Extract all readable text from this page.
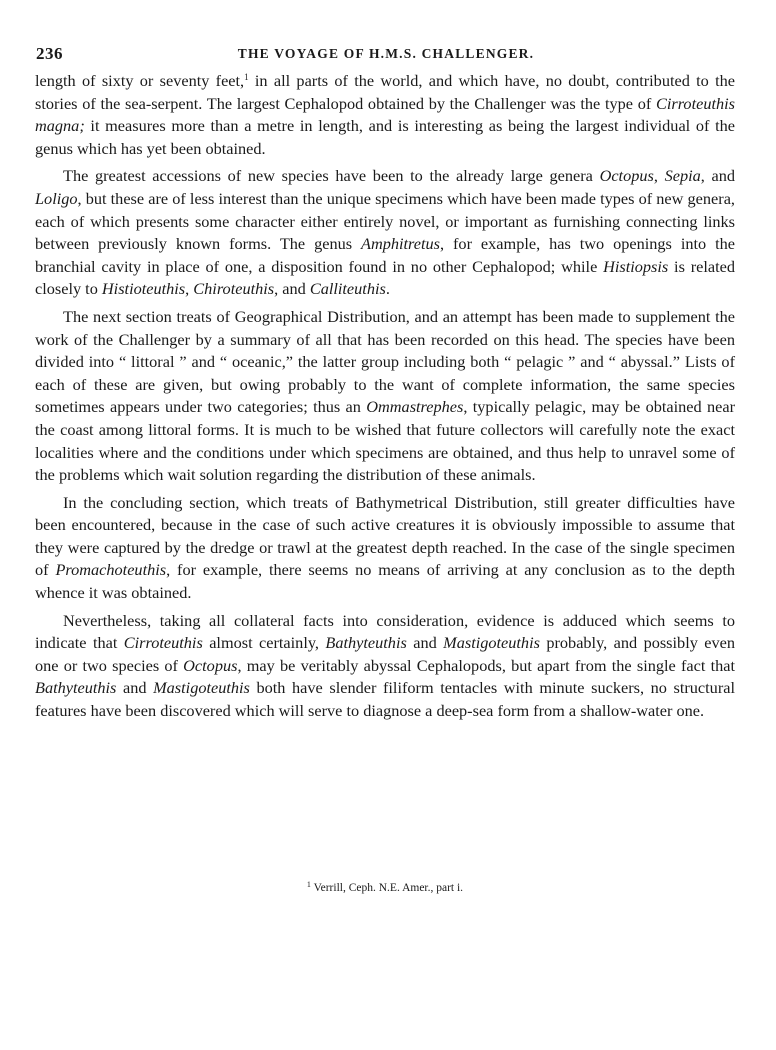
236	THE VOYAGE OF H.M.S. CHALLENGER.

length of sixty or seventy feet,$^1$ in all parts of the world, and which have, no doubt, contributed to the stories of the sea-serpent. The largest Cephalopod obtained by the Challenger was the type of Cirroteuthis magna; it measures more than a metre in length, and is interesting as being the largest individual of the genus which has yet been obtained.

The greatest accessions of new species have been to the already large genera Octopus, Sepia, and Loligo, but these are of less interest than the unique specimens which have been made types of new genera, each of which presents some character either entirely novel, or important as furnishing connecting links between previously known forms. The genus Amphitretus, for example, has two openings into the branchial cavity in place of one, a disposition found in no other Cephalopod; while Histiopsis is related closely to Histioteuthis, Chiroteuthis, and Calliteuthis.

The next section treats of Geographical Distribution, and an attempt has been made to supplement the work of the Challenger by a summary of all that has been recorded on this head. The species have been divided into “ littoral ” and “ oceanic,” the latter group including both “ pelagic ” and “ abyssal.” Lists of each of these are given, but owing probably to the want of complete information, the same species sometimes appears under two categories; thus an Ommastrephes, typically pelagic, may be obtained near the coast among littoral forms. It is much to be wished that future collectors will carefully note the exact localities where and the conditions under which specimens are obtained, and thus help to unravel some of the problems which wait solution regarding the distribution of these animals.

In the concluding section, which treats of Bathymetrical Distribution, still greater difficulties have been encountered, because in the case of such active creatures it is obviously impossible to assume that they were captured by the dredge or trawl at the greatest depth reached. In the case of the single specimen of Promachoteuthis, for example, there seems no means of arriving at any conclusion as to the depth whence it was obtained.

Nevertheless, taking all collateral facts into consideration, evidence is adduced which seems to indicate that Cirroteuthis almost certainly, Bathyteuthis and Mastigoteuthis probably, and possibly even one or two species of Octopus, may be veritably abyssal Cephalopods, but apart from the single fact that Bathyteuthis and Mastigoteuthis both have slender filiform tentacles with minute suckers, no structural features have been discovered which will serve to diagnose a deep-sea form from a shallow-water one.

$^1$ Verrill, Ceph. N.E. Amer., part i.
